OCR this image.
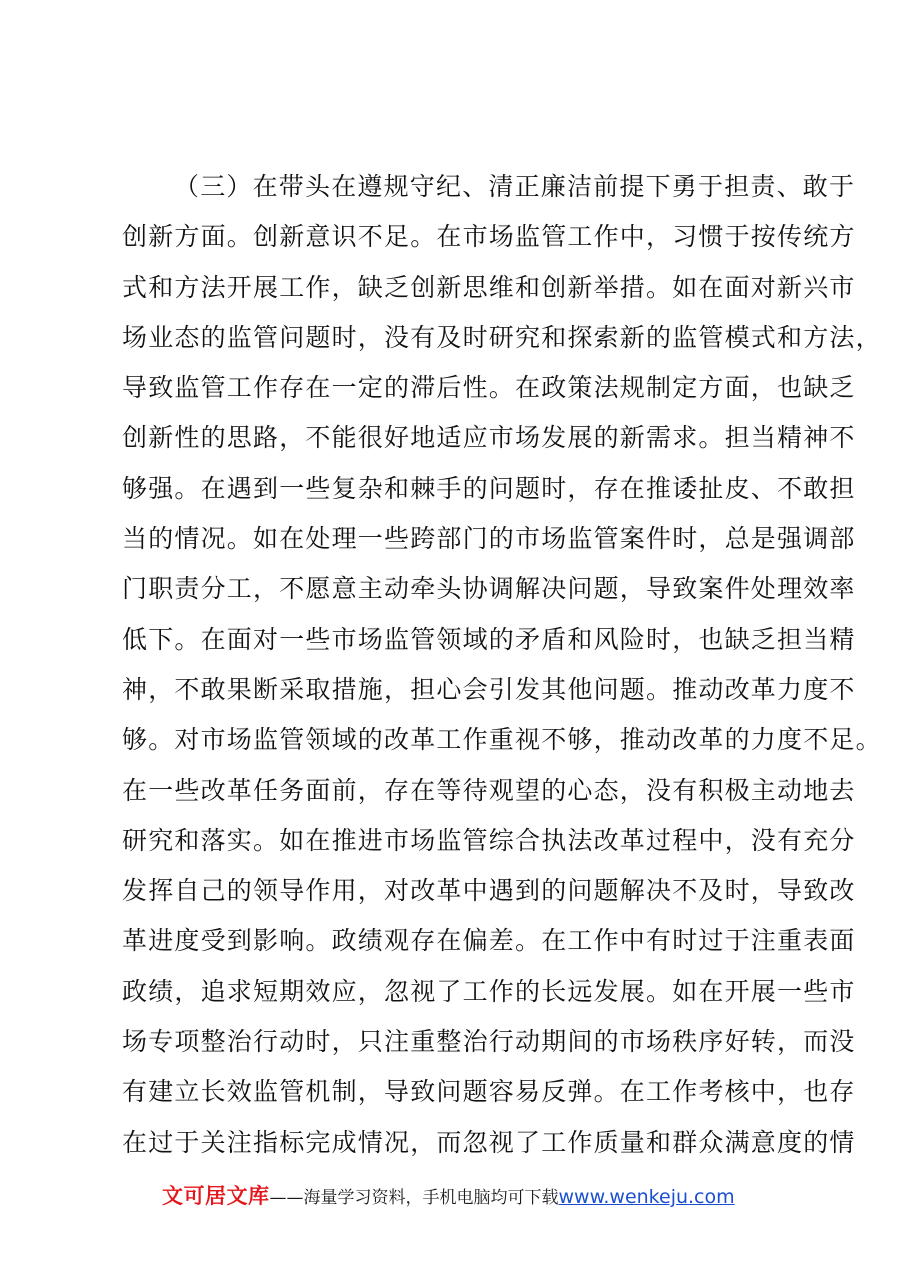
（三）在带头在遵规守纪、清正廉洁前提下勇于担责、敢于
创新方面。创新意识不足。在市场监管工作中，习惯于按传统方
式和方法开展工作，缺乏创新思维和创新举措。如在面对新兴市
场业态的监管问题时，没有及时研究和探索新的监管模式和方法，
导致监管工作存在一定的滞后性。在政策法规制定方面，也缺乏
创新性的思路，不能很好地适应市场发展的新需求。担当精神不
够强。在遇到一些复杂和棘手的问题时，存在推诿扯皮、不敢担
当的情况。如在处理一些跨部门的市场监管案件时，总是强调部
门职责分工，不愿意主动牵头协调解决问题，导致案件处理效率
低下。在面对一些市场监管领域的矛盾和风险时，也缺乏担当精
神，不敢果断采取措施，担心会引发其他问题。推动改革力度不
够。对市场监管领域的改革工作重视不够，推动改革的力度不足。
在一些改革任务面前，存在等待观望的心态，没有积极主动地去
研究和落实。如在推进市场监管综合执法改革过程中，没有充分
发挥自己的领导作用，对改革中遇到的问题解决不及时，导致改
革进度受到影响。政绩观存在偏差。在工作中有时过于注重表面
政绩，追求短期效应，忽视了工作的长远发展。如在开展一些市
场专项整治行动时，只注重整治行动期间的市场秩序好转，而没
有建立长效监管机制，导致问题容易反弹。在工作考核中，也存
在过于关注指标完成情况，而忽视了工作质量和群众满意度的情
文可居文库——海量学习资料，手机电脑均可下载www.wenkeju.com
